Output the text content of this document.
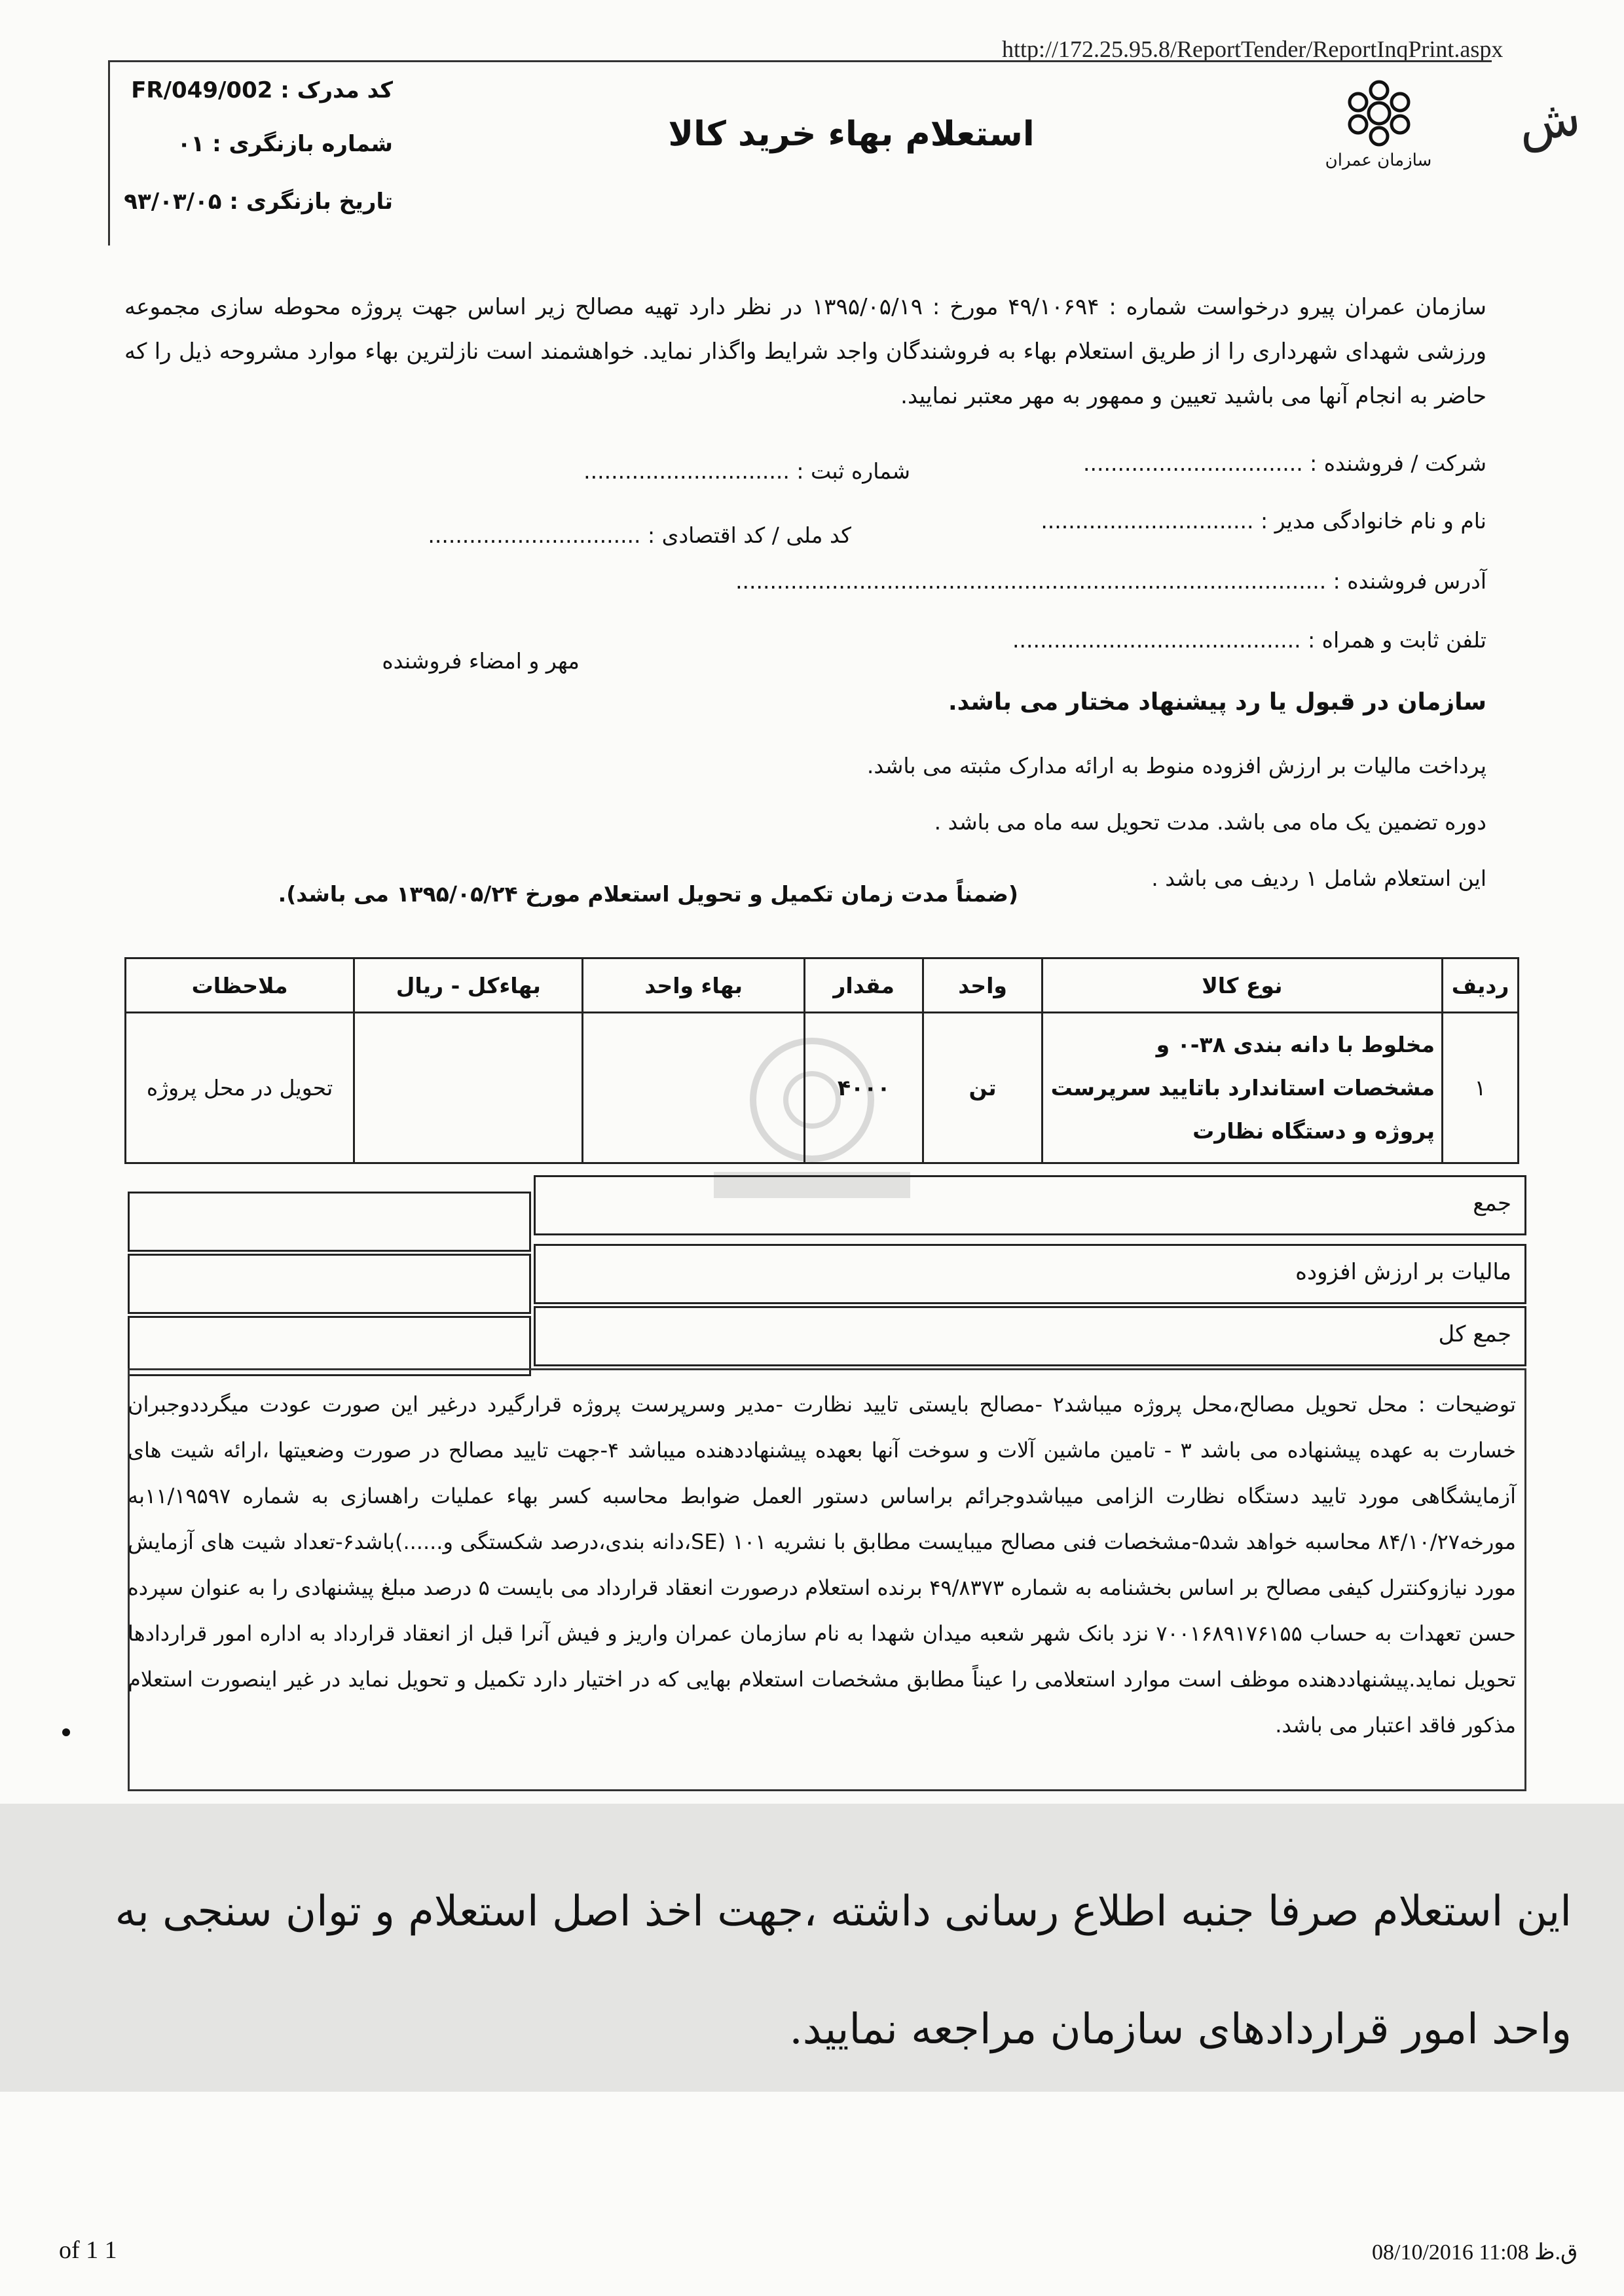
http://172.25.95.8/ReportTender/ReportInqPrint.aspx
سازمان عمران
ش
استعلام بهاء خرید کالا
کد مدرک : FR/049/002
شماره بازنگری : ۰۱
تاریخ بازنگری : ۹۳/۰۳/۰۵
سازمان عمران پیرو درخواست شماره : ۴۹/۱۰۶۹۴ مورخ : ۱۳۹۵/۰۵/۱۹ در نظر دارد تهیه مصالح زیر اساس جهت پروژه محوطه سازی مجموعه ورزشی شهدای شهرداری را از طریق استعلام بهاء به فروشندگان واجد شرایط واگذار نماید. خواهشمند است نازلترین بهاء موارد مشروحه ذیل را که حاضر به انجام آنها می باشید تعیین و ممهور به مهر معتبر نمایید.
شرکت / فروشنده : ................................
شماره ثبت : ..............................
نام و نام خانوادگی مدیر : ...............................
کد ملی / کد اقتصادی : ...............................
آدرس فروشنده : ......................................................................................
تلفن ثابت و همراه : ..........................................
مهر و امضاء فروشنده
سازمان در قبول یا رد پیشنهاد مختار می باشد.
پرداخت مالیات بر ارزش افزوده منوط به ارائه مدارک مثبته می باشد.
دوره تضمین یک ماه می باشد. مدت تحویل سه ماه می باشد .
این استعلام شامل ۱ ردیف می باشد .
(ضمناً مدت زمان تکمیل و تحویل استعلام مورخ ۱۳۹۵/۰۵/۲۴ می باشد).
ردیف	نوع کالا	واحد	مقدار	بهاء واحد	بهاءکل - ریال	ملاحظات
۱	مخلوط با دانه بندی ۳۸-۰ و مشخصات استاندارد باتایید سرپرست پروژه و دستگاه نظارت	تن	۴۰۰۰			تحویل در محل پروژه
جمع
مالیات بر ارزش افزوده
جمع کل
توضیحات : محل تحویل مصالح،محل پروژه میباشد۲ -مصالح بایستی تایید نظارت -مدیر وسرپرست پروژه قرارگیرد درغیر این صورت عودت میگرددوجبران خسارت به عهده پیشنهاده می باشد ۳ - تامین ماشین آلات و سوخت آنها بعهده پیشنهاددهنده میباشد ۴-جهت تایید مصالح در صورت وضعیتها ،ارائه شیت های آزمایشگاهی مورد تایید دستگاه نظارت الزامی میباشدوجرائم براساس دستور العمل ضوابط محاسبه کسر بهاء عملیات راهسازی به شماره ۱۱/۱۹۵۹۷به مورخه۸۴/۱۰/۲۷ محاسبه خواهد شد۵-مشخصات فنی مصالح میبایست مطابق با نشریه ۱۰۱ (SE،دانه بندی،درصد شکستگی و......)باشد۶-تعداد شیت های آزمایش مورد نیازوکنترل کیفی مصالح بر اساس بخشنامه به شماره ۴۹/۸۳۷۳ برنده استعلام درصورت انعقاد قرارداد می بایست ۵ درصد مبلغ پیشنهادی را به عنوان سپرده حسن تعهدات به حساب ۷۰۰۱۶۸۹۱۷۶۱۵۵ نزد بانک شهر شعبه میدان شهدا به نام سازمان عمران واریز و فیش آنرا قبل از انعقاد قرارداد به اداره امور قراردادها تحویل نماید.پیشنهاددهنده موظف است موارد استعلامی را عیناً مطابق مشخصات استعلام بهایی که در اختیار دارد تکمیل و تحویل نماید در غیر اینصورت استعلام مذکور فاقد اعتبار می باشد.
این استعلام صرفا جنبه اطلاع رسانی داشته ،جهت اخذ اصل استعلام و توان سنجی به واحد امور قراردادهای سازمان مراجعه نمایید.
of 1 1	ق.ظ 11:08 08/10/2016
